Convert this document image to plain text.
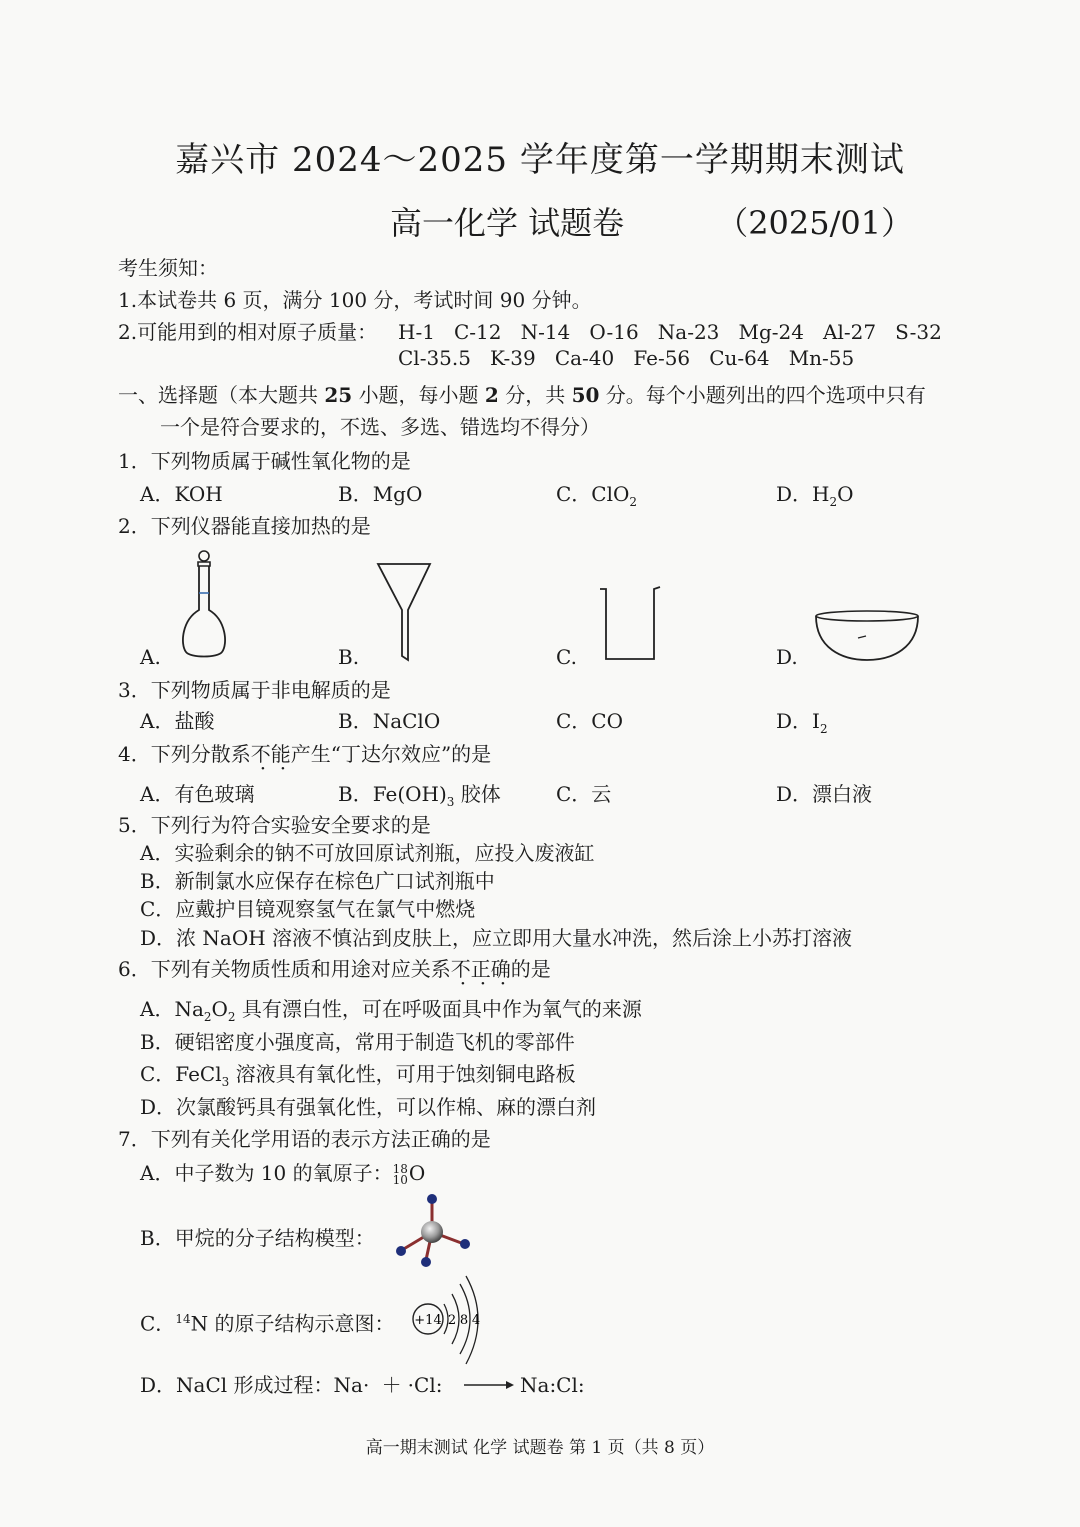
嘉兴市 2024～2025 学年度第一学期期末测试
高一化学 试题卷	（2025/01）
考生须知：
1.本试卷共 6 页，满分 100 分，考试时间 90 分钟。
2.可能用到的相对原子质量： H-1   C-12   N-14   O-16   Na-23   Mg-24   Al-27   S-32
Cl-35.5   K-39   Ca-40   Fe-56   Cu-64   Mn-55
一、选择题（本大题共 25 小题，每小题 2 分，共 50 分。每个小题列出的四个选项中只有
一个是符合要求的，不选、多选、错选均不得分）
1．下列物质属于碱性氧化物的是
A．KOH	B．MgO	C．ClO$_2$	D．$H_2O$
2．下列仪器能直接加热的是
A.	B.	C.	D.
3．下列物质属于非电解质的是
A．盐酸	B．NaClO	C．CO	D．$I_2$
4．下列分散系不能产生“丁达尔效应”的是
A．有色玻璃	B．$Fe(OH)_3$ 胶体	C．云	D．漂白液
5．下列行为符合实验安全要求的是
A．实验剩余的钠不可放回原试剂瓶，应投入废液缸
B．新制氯水应保存在棕色广口试剂瓶中
C．应戴护目镜观察氢气在氯气中燃烧
D．浓 NaOH 溶液不慎沾到皮肤上，应立即用大量水冲洗，然后涂上小苏打溶液
6．下列有关物质性质和用途对应关系不正确的是
A．$Na_2O_2$ 具有漂白性，可在呼吸面具中作为氧气的来源
B．硬铝密度小强度高，常用于制造飞机的零部件
C．FeCl$_3$ 溶液具有氧化性，可用于蚀刻铜电路板
D．次氯酸钙具有强氧化性，可以作棉、麻的漂白剂
7．下列有关化学用语的表示方法正确的是
A．中子数为 10 的氧原子：18
10O
B．甲烷的分子结构模型：
C．$^{14}$N 的原子结构示意图： +14 2 8 4
D．NaCl 形成过程：Na· ＋ ·Cl: → Na:Cl:
高一期末测试 化学 试题卷 第 1 页（共 8 页）
